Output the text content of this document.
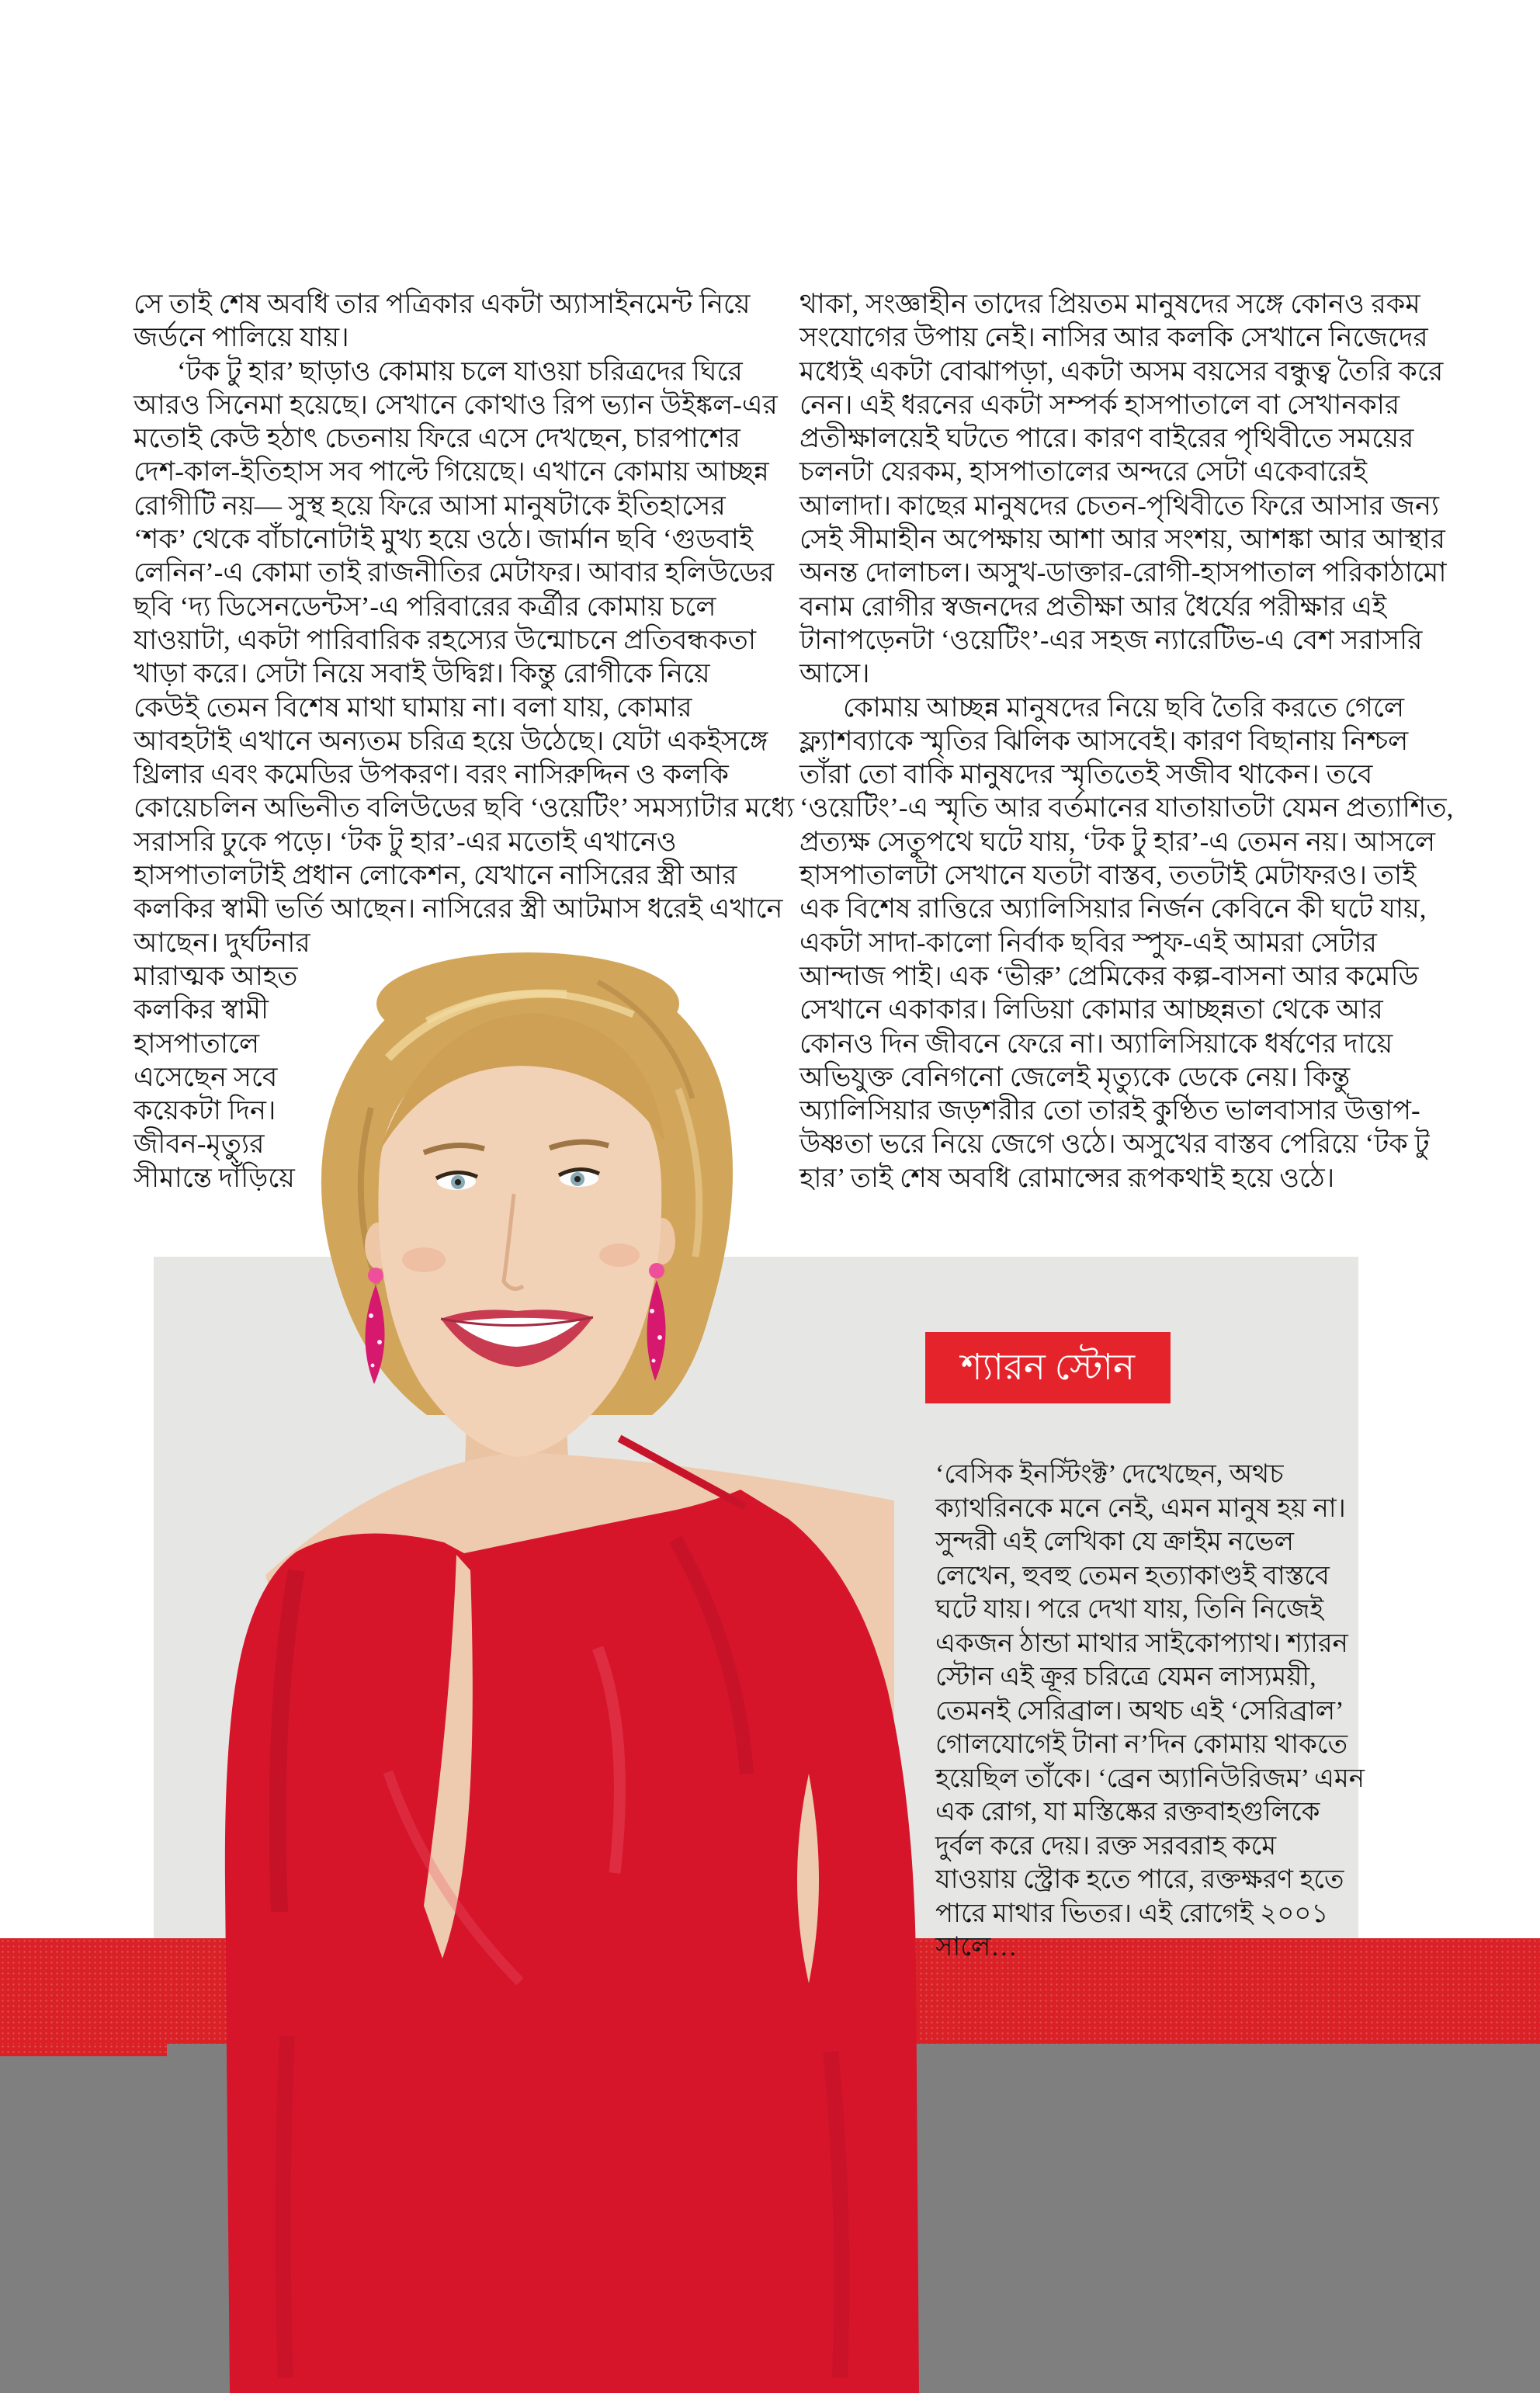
সে তাই শেষ অবধি তার পত্রিকার একটা অ্যাসাইনমেন্ট নিয়ে
জর্ডনে পালিয়ে যায়।
‘টক টু হার’ ছাড়াও কোমায় চলে যাওয়া চরিত্রদের ঘিরে
আরও সিনেমা হয়েছে। সেখানে কোথাও রিপ ভ্যান উইঙ্কল-এর
মতোই কেউ হঠাৎ চেতনায় ফিরে এসে দেখছেন, চারপাশের
দেশ-কাল-ইতিহাস সব পাল্টে গিয়েছে। এখানে কোমায় আচ্ছন্ন
রোগীটি নয়— সুস্থ হয়ে ফিরে আসা মানুষটাকে ইতিহাসের
‘শক’ থেকে বাঁচানোটাই মুখ্য হয়ে ওঠে। জার্মান ছবি ‘গুডবাই
লেনিন’-এ কোমা তাই রাজনীতির মেটাফর। আবার হলিউডের
ছবি ‘দ্য ডিসেনডেন্টস’-এ পরিবারের কর্ত্রীর কোমায় চলে
যাওয়াটা, একটা পারিবারিক রহস্যের উন্মোচনে প্রতিবন্ধকতা
খাড়া করে। সেটা নিয়ে সবাই উদ্বিগ্ন। কিন্তু রোগীকে নিয়ে
কেউই তেমন বিশেষ মাথা ঘামায় না। বলা যায়, কোমার
আবহটাই এখানে অন্যতম চরিত্র হয়ে উঠেছে। যেটা একইসঙ্গে
থ্রিলার এবং কমেডির উপকরণ। বরং নাসিরুদ্দিন ও কলকি
কোয়েচলিন অভিনীত বলিউডের ছবি ‘ওয়েটিং’ সমস্যাটার মধ্যে
সরাসরি ঢুকে পড়ে। ‘টক টু হার’-এর মতোই এখানেও
হাসপাতালটাই প্রধান লোকেশন, যেখানে নাসিরের স্ত্রী আর
কলকির স্বামী ভর্তি আছেন। নাসিরের স্ত্রী আটমাস ধরেই এখানে
আছেন। দুর্ঘটনার
মারাত্মক আহত
কলকির স্বামী
হাসপাতালে
এসেছেন সবে
কয়েকটা দিন।
জীবন-মৃত্যুর
সীমান্তে দাঁড়িয়ে
থাকা, সংজ্ঞাহীন তাদের প্রিয়তম মানুষদের সঙ্গে কোনও রকম
সংযোগের উপায় নেই। নাসির আর কলকি সেখানে নিজেদের
মধ্যেই একটা বোঝাপড়া, একটা অসম বয়সের বন্ধুত্ব তৈরি করে
নেন। এই ধরনের একটা সম্পর্ক হাসপাতালে বা সেখানকার
প্রতীক্ষালয়েই ঘটতে পারে। কারণ বাইরের পৃথিবীতে সময়ের
চলনটা যেরকম, হাসপাতালের অন্দরে সেটা একেবারেই
আলাদা। কাছের মানুষদের চেতন-পৃথিবীতে ফিরে আসার জন্য
সেই সীমাহীন অপেক্ষায় আশা আর সংশয়, আশঙ্কা আর আস্থার
অনন্ত দোলাচল। অসুখ-ডাক্তার-রোগী-হাসপাতাল পরিকাঠামো
বনাম রোগীর স্বজনদের প্রতীক্ষা আর ধৈর্যের পরীক্ষার এই
টানাপড়েনটা ‘ওয়েটিং’-এর সহজ ন্যারেটিভ-এ বেশ সরাসরি
আসে।
কোমায় আচ্ছন্ন মানুষদের নিয়ে ছবি তৈরি করতে গেলে
ফ্ল্যাশব্যাকে স্মৃতির ঝিলিক আসবেই। কারণ বিছানায় নিশ্চল
তাঁরা তো বাকি মানুষদের স্মৃতিতেই সজীব থাকেন। তবে
‘ওয়েটিং’-এ স্মৃতি আর বর্তমানের যাতায়াতটা যেমন প্রত্যাশিত,
প্রত্যক্ষ সেতুপথে ঘটে যায়, ‘টক টু হার’-এ তেমন নয়। আসলে
হাসপাতালটা সেখানে যতটা বাস্তব, ততটাই মেটাফরও। তাই
এক বিশেষ রাত্তিরে অ্যালিসিয়ার নির্জন কেবিনে কী ঘটে যায়,
একটা সাদা-কালো নির্বাক ছবির স্পুফ-এই আমরা সেটার
আন্দাজ পাই। এক ‘ভীরু’ প্রেমিকের কল্প-বাসনা আর কমেডি
সেখানে একাকার। লিডিয়া কোমার আচ্ছন্নতা থেকে আর
কোনও দিন জীবনে ফেরে না। অ্যালিসিয়াকে ধর্ষণের দায়ে
অভিযুক্ত বেনিগনো জেলেই মৃত্যুকে ডেকে নেয়। কিন্তু
অ্যালিসিয়ার জড়শরীর তো তারই কুণ্ঠিত ভালবাসার উত্তাপ-
উষ্ণতা ভরে নিয়ে জেগে ওঠে। অসুখের বাস্তব পেরিয়ে ‘টক টু
হার’ তাই শেষ অবধি রোমান্সের রূপকথাই হয়ে ওঠে।
শ্যারন স্টোন
‘বেসিক ইনস্টিংক্ট’ দেখেছেন, অথচ
ক্যাথরিনকে মনে নেই, এমন মানুষ হয় না।
সুন্দরী এই লেখিকা যে ক্রাইম নভেল
লেখেন, হুবহু তেমন হত্যাকাণ্ডই বাস্তবে
ঘটে যায়। পরে দেখা যায়, তিনি নিজেই
একজন ঠান্ডা মাথার সাইকোপ্যাথ। শ্যারন
স্টোন এই ক্রূর চরিত্রে যেমন লাস্যময়ী,
তেমনই সেরিব্রাল। অথচ এই ‘সেরিব্রাল’
গোলযোগেই টানা ন’দিন কোমায় থাকতে
হয়েছিল তাঁকে। ‘ব্রেন অ্যানিউরিজম’ এমন
এক রোগ, যা মস্তিষ্কের রক্তবাহগুলিকে
দুর্বল করে দেয়। রক্ত সরবরাহ কমে
যাওয়ায় স্ট্রোক হতে পারে, রক্তক্ষরণ হতে
পারে মাথার ভিতর। এই রোগেই ২০০১
সালে…
